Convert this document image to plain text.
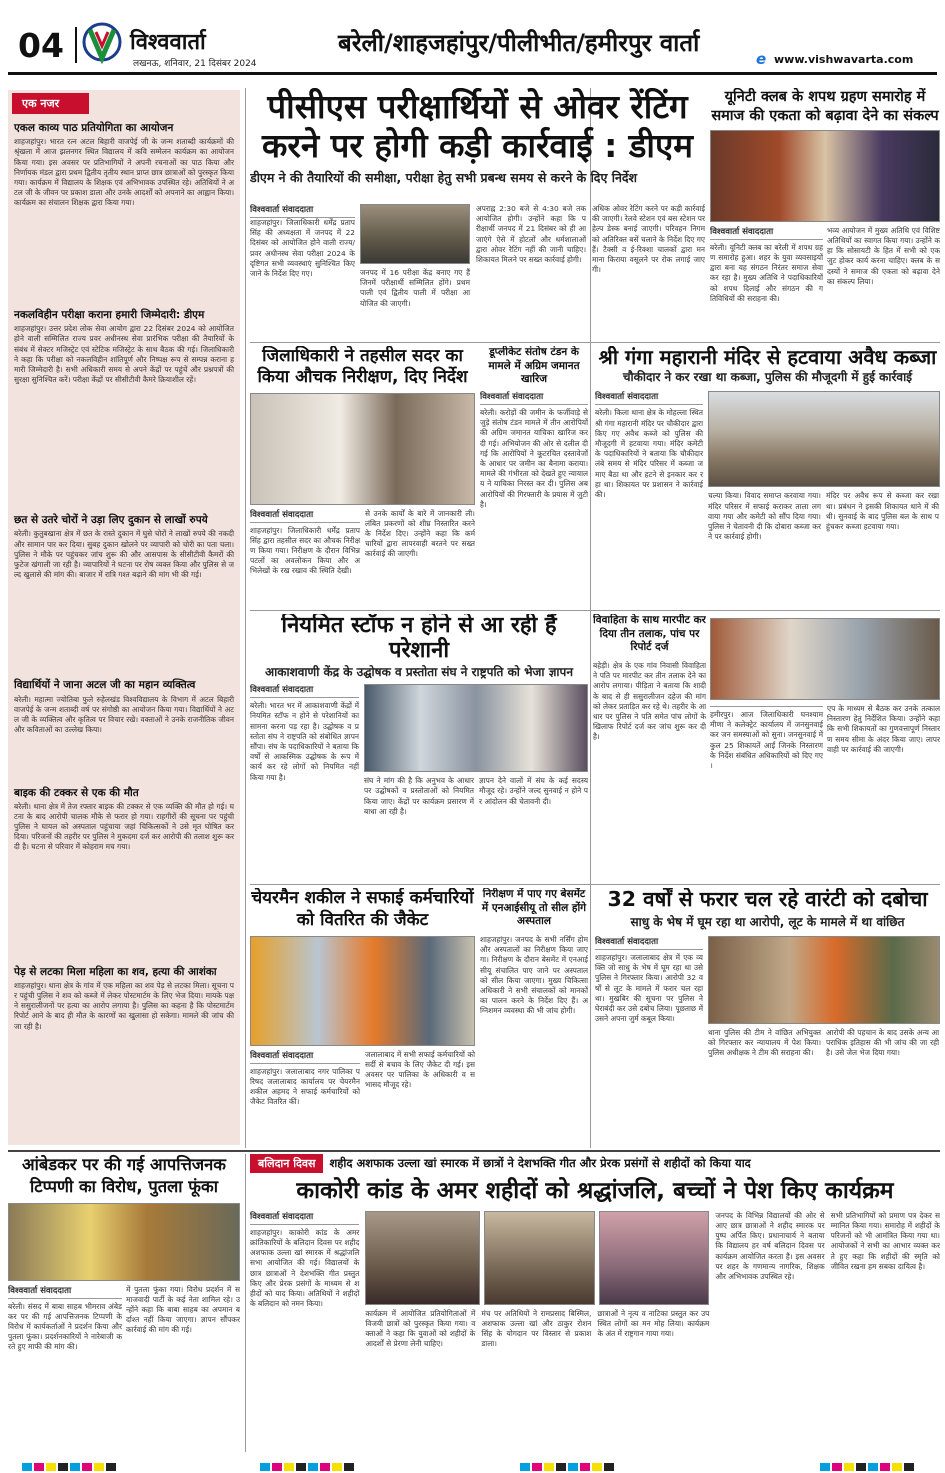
04	विश्ववार्ता
लखनऊ, शनिवार, 21 दिसंबर 2024
बरेली/शाहजहांपुर/पीलीभीत/हमीरपुर वार्ता
e www.vishwavarta.com
एक नजर
एकल काव्य पाठ प्रतियोगिता का आयोजन
शाहजहांपुर। भारत रत्न अटल बिहारी वाजपेई जी के जन्म शताब्दी कार्यक्रमों की श्रृंखला में आज झलनगर स्थित विद्यालय में कवि सम्मेलन कार्यक्रम का आयोजन किया गया। इस अवसर पर प्रतिभागियों ने अपनी रचनाओं का पाठ किया और निर्णायक मंडल द्वारा प्रथम द्वितीय तृतीय स्थान प्राप्त छात्र छात्राओं को पुरस्कृत किया गया। कार्यक्रम में विद्यालय के शिक्षक एवं अभिभावक उपस्थित रहे। अतिथियों ने अटल जी के जीवन पर प्रकाश डाला और उनके आदर्शों को अपनाने का आह्वान किया। कार्यक्रम का संचालन शिक्षक द्वारा किया गया।
नकलविहीन परीक्षा कराना हमारी जिम्मेदारी: डीएम
शाहजहांपुर। उत्तर प्रदेश लोक सेवा आयोग द्वारा 22 दिसंबर 2024 को आयोजित होने वाली सम्मिलित राज्य प्रवर अधीनस्थ सेवा प्रारंभिक परीक्षा की तैयारियों के संबंध में सेक्टर मजिस्ट्रेट एवं स्टेटिक मजिस्ट्रेट के साथ बैठक की गई। जिलाधिकारी ने कहा कि परीक्षा को नकलविहीन शांतिपूर्ण और निष्पक्ष रूप से सम्पन्न कराना हमारी जिम्मेदारी है। सभी अधिकारी समय से अपने केंद्रों पर पहुंचें और प्रश्नपत्रों की सुरक्षा सुनिश्चित करें। परीक्षा केंद्रों पर सीसीटीवी कैमरे क्रियाशील रहें।
छत से उतरे चोरों ने उड़ा लिए दुकान से लाखों रुपये
बरेली। कुतुबखाना क्षेत्र में छत के रास्ते दुकान में घुसे चोरों ने लाखों रुपये की नकदी और सामान पार कर दिया। सुबह दुकान खोलने पर व्यापारी को चोरी का पता चला। पुलिस ने मौके पर पहुंचकर जांच शुरू की और आसपास के सीसीटीवी कैमरों की फुटेज खंगाली जा रही है। व्यापारियों ने घटना पर रोष व्यक्त किया और पुलिस से जल्द खुलासे की मांग की। बाजार में रात्रि गश्त बढ़ाने की मांग भी की गई।
विद्यार्थियों ने जाना अटल जी का महान व्यक्तित्व
बरेली। महात्मा ज्योतिबा फुले रुहेलखंड विश्वविद्यालय के विभाग में अटल बिहारी वाजपेई के जन्म शताब्दी वर्ष पर संगोष्ठी का आयोजन किया गया। विद्यार्थियों ने अटल जी के व्यक्तित्व और कृतित्व पर विचार रखे। वक्ताओं ने उनके राजनीतिक जीवन और कविताओं का उल्लेख किया।
बाइक की टक्कर से एक की मौत
बरेली। थाना क्षेत्र में तेज रफ्तार बाइक की टक्कर से एक व्यक्ति की मौत हो गई। घटना के बाद आरोपी चालक मौके से फरार हो गया। राहगीरों की सूचना पर पहुंची पुलिस ने घायल को अस्पताल पहुंचाया जहां चिकित्सकों ने उसे मृत घोषित कर दिया। परिजनों की तहरीर पर पुलिस ने मुकदमा दर्ज कर आरोपी की तलाश शुरू कर दी है। घटना से परिवार में कोहराम मच गया।
पेड़ से लटका मिला महिला का शव, हत्या की आशंका
शाहजहांपुर। थाना क्षेत्र के गांव में एक महिला का शव पेड़ से लटका मिला। सूचना पर पहुंची पुलिस ने शव को कब्जे में लेकर पोस्टमार्टम के लिए भेज दिया। मायके पक्ष ने ससुरालीजनों पर हत्या का आरोप लगाया है। पुलिस का कहना है कि पोस्टमार्टम रिपोर्ट आने के बाद ही मौत के कारणों का खुलासा हो सकेगा। मामले की जांच की जा रही है।
पीसीएस परीक्षार्थियों से ओवर रेंटिंग करने पर होगी कड़ी कार्रवाई : डीएम
डीएम ने की तैयारियों की समीक्षा, परीक्षा हेतु सभी प्रबन्ध समय से करने के दिए निर्देश
विश्ववार्ता संवाददाता
शाहजहांपुर। जिलाधिकारी धर्मेंद्र प्रताप सिंह की अध्यक्षता में जनपद में 22 दिसंबर को आयोजित होने वाली राज्य/प्रवर अधीनस्थ सेवा परीक्षा 2024 के दृष्टिगत सभी व्यवस्थाएं सुनिश्चित किए जाने के निर्देश दिए गए।	जनपद में 16 परीक्षा केंद्र बनाए गए हैं जिनमें परीक्षार्थी सम्मिलित होंगे। प्रथम पाली एवं द्वितीय पाली में परीक्षा आयोजित की जाएगी।
अपराह्न 2:30 बजे से 4:30 बजे तक आयोजित होगी। उन्होंने कहा कि परीक्षार्थी जनपद में 21 दिसंबर को ही आ जाएंगे ऐसे में होटलों और धर्मशालाओं द्वारा ओवर रेटिंग नहीं की जानी चाहिए। शिकायत मिलने पर सख्त कार्रवाई होगी।
अधिक ओवर रेटिंग करने पर कड़ी कार्रवाई की जाएगी। रेलवे स्टेशन एवं बस स्टेशन पर हेल्प डेस्क बनाई जाएगी। परिवहन निगम को अतिरिक्त बसें चलाने के निर्देश दिए गए हैं। टैक्सी व ई-रिक्शा चालकों द्वारा मनमाना किराया वसूलने पर रोक लगाई जाएगी।
यूनिटी क्लब के शपथ ग्रहण समारोह में समाज की एकता को बढ़ावा देने का संकल्प
विश्ववार्ता संवाददाता
बरेली। यूनिटी क्लब का बरेली में शपथ ग्रहण समारोह हुआ। शहर के युवा व्यवसाइयों द्वारा बना यह संगठन निरंतर समाज सेवा कर रहा है। मुख्य अतिथि ने पदाधिकारियों को शपथ दिलाई और संगठन की गतिविधियों की सराहना की।
भव्य आयोजन में मुख्य अतिथि एवं विशिष्ट अतिथियों का स्वागत किया गया। उन्होंने कहा कि सोसायटी के हित में सभी को एकजुट होकर कार्य करना चाहिए। क्लब के सदस्यों ने समाज की एकता को बढ़ावा देने का संकल्प लिया।
जिलाधिकारी ने तहसील सदर का किया औचक निरीक्षण, दिए निर्देश
विश्ववार्ता संवाददाता
शाहजहांपुर। जिलाधिकारी धर्मेंद्र प्रताप सिंह द्वारा तहसील सदर का औचक निरीक्षण किया गया। निरीक्षण के दौरान विभिन्न पटलों का अवलोकन किया और अभिलेखों के रख रखाव की स्थिति देखी।
से उनके कार्यों के बारे में जानकारी ली। लंबित प्रकरणों को शीघ्र निस्तारित करने के निर्देश दिए। उन्होंने कहा कि कर्मचारियों द्वारा लापरवाही बरतने पर सख्त कार्रवाई की जाएगी।
डूप्लीकेट संतोष टंडन के मामले में अग्रिम जमानत खारिज
विश्ववार्ता संवाददाता
बरेली। करोड़ों की जमीन के फर्जीवाड़े से जुड़े संतोष टंडन मामले में तीन आरोपियों की अग्रिम जमानत याचिका खारिज कर दी गई। अभियोजन की ओर से दलील दी गई कि आरोपियों ने कूटरचित दस्तावेजों के आधार पर जमीन का बैनामा कराया। मामले की गंभीरता को देखते हुए न्यायालय ने याचिका निरस्त कर दी। पुलिस अब आरोपियों की गिरफ्तारी के प्रयास में जुटी है।
श्री गंगा महारानी मंदिर से हटवाया अवैध कब्जा
चौकीदार ने कर रखा था कब्जा, पुलिस की मौजूदगी में हुई कार्रवाई
विश्ववार्ता संवाददाता
बरेली। किला थाना क्षेत्र के मोहल्ला स्थित श्री गंगा महारानी मंदिर पर चौकीदार द्वारा किए गए अवैध कब्जे को पुलिस की मौजूदगी में हटवाया गया। मंदिर कमेटी के पदाधिकारियों ने बताया कि चौकीदार लंबे समय से मंदिर परिसर में कब्जा जमाए बैठा था और हटने से इनकार कर रहा था। शिकायत पर प्रशासन ने कार्रवाई की।	चल्या किया। विवाद समाप्त करवाया गया। मंदिर परिसर में सफाई कराकर ताला लगवाया गया और कमेटी को सौंप दिया गया। पुलिस ने चेतावनी दी कि दोबारा कब्जा करने पर कार्रवाई होगी।
मंदिर पर अवैध रूप से कब्जा कर रखा था। प्रबंधन ने इसकी शिकायत थाने में की थी। सुनवाई के बाद पुलिस बल के साथ पहुंचकर कब्जा हटवाया गया।
नियमित स्टॉफ न होने से आ रही हैं परेशानी
आकाशवाणी केंद्र के उद्घोषक व प्रस्तोता संघ ने राष्ट्रपति को भेजा ज्ञापन
विश्ववार्ता संवाददाता
बरेली। भारत भर में आकाशवाणी केंद्रों में नियमित स्टॉफ न होने से परेशानियों का सामना करना पड़ रहा है। उद्घोषक व प्रस्तोता संघ ने राष्ट्रपति को संबोधित ज्ञापन सौंपा। संघ के पदाधिकारियों ने बताया कि वर्षों से आकस्मिक उद्घोषक के रूप में कार्य कर रहे लोगों को नियमित नहीं किया गया है।	संघ ने मांग की है कि अनुभव के आधार पर उद्घोषकों व प्रस्तोताओं को नियमित किया जाए। केंद्रों पर कार्यक्रम प्रसारण में बाधा आ रही है।
ज्ञापन देने वालों में संघ के कई सदस्य मौजूद रहे। उन्होंने जल्द सुनवाई न होने पर आंदोलन की चेतावनी दी।
विवाहिता के साथ मारपीट कर दिया तीन तलाक, पांच पर रिपोर्ट दर्ज
बहेड़ी। क्षेत्र के एक गांव निवासी विवाहिता ने पति पर मारपीट कर तीन तलाक देने का आरोप लगाया। पीड़िता ने बताया कि शादी के बाद से ही ससुरालीजन दहेज की मांग को लेकर प्रताड़ित कर रहे थे। तहरीर के आधार पर पुलिस ने पति समेत पांच लोगों के खिलाफ रिपोर्ट दर्ज कर जांच शुरू कर दी है।
हमीरपुर। आज जिलाधिकारी घनश्याम मीणा ने कलेक्ट्रेट कार्यालय में जनसुनवाई कर जन समस्याओं को सुना। जनसुनवाई में कुल 25 शिकायतें आईं जिनके निस्तारण के निर्देश संबंधित अधिकारियों को दिए गए।
एप के माध्यम से बैठक कर उनके तत्काल निस्तारण हेतु निर्देशित किया। उन्होंने कहा कि सभी शिकायतों का गुणवत्तापूर्ण निस्तारण समय सीमा के अंदर किया जाए। लापरवाही पर कार्रवाई की जाएगी।
चेयरमैन शकील ने सफाई कर्मचारियों को वितरित की जैकेट
विश्ववार्ता संवाददाता
शाहजहांपुर। जलालाबाद नगर पालिका परिषद जलालाबाद कार्यालय पर चेयरमैन शकील अहमद ने सफाई कर्मचारियों को जैकेट वितरित कीं।
जलालाबाद में सभी सफाई कर्मचारियों को सर्दी से बचाव के लिए जैकेट दी गई। इस अवसर पर पालिका के अधिकारी व सभासद मौजूद रहे।
निरीक्षण में पाए गए बेसमेंट में एनआईसीयू तो सील होंगे अस्पताल
शाहजहांपुर। जनपद के सभी नर्सिंग होम और अस्पतालों का निरीक्षण किया जाएगा। निरीक्षण के दौरान बेसमेंट में एनआईसीयू संचालित पाए जाने पर अस्पताल को सील किया जाएगा। मुख्य चिकित्सा अधिकारी ने सभी संचालकों को मानकों का पालन करने के निर्देश दिए हैं। अग्निशमन व्यवस्था की भी जांच होगी।
32 वर्षों से फरार चल रहे वारंटी को दबोचा
साधु के भेष में घूम रहा था आरोपी, लूट के मामले में था वांछित
विश्ववार्ता संवाददाता
शाहजहांपुर। जलालाबाद क्षेत्र में एक व्यक्ति जो साधु के भेष में घूम रहा था उसे पुलिस ने गिरफ्तार किया। आरोपी 32 वर्षों से लूट के मामले में फरार चल रहा था। मुखबिर की सूचना पर पुलिस ने घेराबंदी कर उसे दबोच लिया। पूछताछ में उसने अपना जुर्म कबूल किया।
थाना पुलिस की टीम ने वांछित अभियुक्त को गिरफ्तार कर न्यायालय में पेश किया। पुलिस अधीक्षक ने टीम की सराहना की।
आरोपी की पहचान के बाद उसके अन्य आपराधिक इतिहास की भी जांच की जा रही है। उसे जेल भेज दिया गया।
आंबेडकर पर की गई आपत्तिजनक टिप्पणी का विरोध, पुतला फूंका
विश्ववार्ता संवाददाता
बरेली। संसद में बाबा साहब भीमराव अंबेडकर पर की गई आपत्तिजनक टिप्पणी के विरोध में कार्यकर्ताओं ने प्रदर्शन किया और पुतला फूंका। प्रदर्शनकारियों ने नारेबाजी करते हुए माफी की मांग की।
में पुतला फूंका गया। विरोध प्रदर्शन में समाजवादी पार्टी के कई नेता शामिल रहे। उन्होंने कहा कि बाबा साहब का अपमान बर्दाश्त नहीं किया जाएगा। ज्ञापन सौंपकर कार्रवाई की मांग की गई।
बलिदान दिवस	शहीद अशफाक उल्ला खां स्मारक में छात्रों ने देशभक्ति गीत और प्रेरक प्रसंगों से शहीदों को किया याद
काकोरी कांड के अमर शहीदों को श्रद्धांजलि, बच्चों ने पेश किए कार्यक्रम
विश्ववार्ता संवाददाता
शाहजहांपुर। काकोरी कांड के अमर क्रांतिकारियों के बलिदान दिवस पर शहीद अशफाक उल्ला खां स्मारक में श्रद्धांजलि सभा आयोजित की गई। विद्यालयों के छात्र छात्राओं ने देशभक्ति गीत प्रस्तुत किए और प्रेरक प्रसंगों के माध्यम से शहीदों को याद किया। अतिथियों ने शहीदों के बलिदान को नमन किया।
कार्यक्रम में आयोजित प्रतियोगिताओं में विजयी छात्रों को पुरस्कृत किया गया। वक्ताओं ने कहा कि युवाओं को शहीदों के आदर्शों से प्रेरणा लेनी चाहिए।
मंच पर अतिथियों ने रामप्रसाद बिस्मिल, अशफाक उल्ला खां और ठाकुर रोशन सिंह के योगदान पर विस्तार से प्रकाश डाला।
छात्राओं ने नृत्य व नाटिका प्रस्तुत कर उपस्थित लोगों का मन मोह लिया। कार्यक्रम के अंत में राष्ट्रगान गाया गया।
जनपद के विभिन्न विद्यालयों की ओर से आए छात्र छात्राओं ने शहीद स्मारक पर पुष्प अर्पित किए। प्रधानाचार्य ने बताया कि विद्यालय हर वर्ष बलिदान दिवस पर कार्यक्रम आयोजित करता है। इस अवसर पर शहर के गणमान्य नागरिक, शिक्षक और अभिभावक उपस्थित रहे।
सभी प्रतिभागियों को प्रमाण पत्र देकर सम्मानित किया गया। समारोह में शहीदों के परिजनों को भी आमंत्रित किया गया था। आयोजकों ने सभी का आभार व्यक्त करते हुए कहा कि शहीदों की स्मृति को जीवित रखना हम सबका दायित्व है।
